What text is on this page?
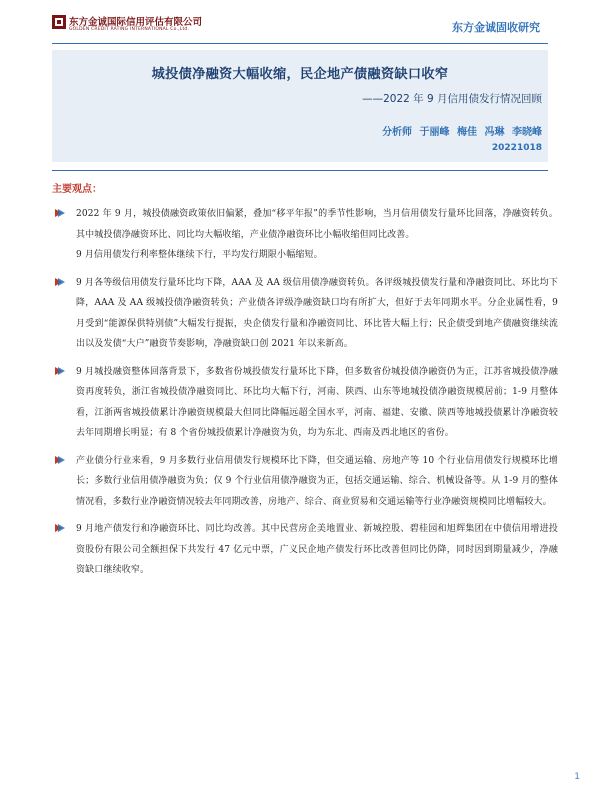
东方金诚国际信用评估有限公司
GOLDEN CREDIT RATING INTERNATIONAL Co.,Ltd.	东方金诚固收研究
城投债净融资大幅收缩，民企地产债融资缺口收窄
——2022 年 9 月信用债发行情况回顾
分析师 于丽峰 梅佳 冯琳 李晓峰
20221018
主要观点：

2022 年 9 月，城投债融资政策依旧偏紧，叠加“移平年报”的季节性影响，当月信用债发行量环比回落，净融资转负。其中城投债净融资环比、同比均大幅收缩，产业债净融资环比小幅收缩但同比改善。

9 月信用债发行利率整体继续下行，平均发行期限小幅缩短。

9 月各等级信用债发行量环比均下降，AAA 及 AA 级信用债净融资转负。各评级城投债发行量和净融资同比、环比均下降，AAA 及 AA 级城投债净融资转负；产业债各评级净融资缺口均有所扩大，但好于去年同期水平。分企业属性看，9 月受到“能源保供特别债”大幅发行提振，央企债发行量和净融资同比、环比皆大幅上行；民企债受到地产债融资继续流出以及发债“大户”融资节奏影响，净融资缺口创 2021 年以来新高。

9 月城投融资整体回落背景下，多数省份城投债发行量环比下降，但多数省份城投债净融资仍为正，江苏省城投债净融资再度转负，浙江省城投债净融资同比、环比均大幅下行，河南、陕西、山东等地城投债净融资规模居前；1-9 月整体看，江浙两省城投债累计净融资规模最大但同比降幅远超全国水平，河南、福建、安徽、陕西等地城投债累计净融资较去年同期增长明显；有 8 个省份城投债累计净融资为负，均为东北、西南及西北地区的省份。

产业债分行业来看，9 月多数行业信用债发行规模环比下降，但交通运输、房地产等 10 个行业信用债发行规模环比增长；多数行业信用债净融资为负；仅 9 个行业信用债净融资为正，包括交通运输、综合、机械设备等。从 1-9 月的整体情况看，多数行业净融资情况较去年同期改善，房地产、综合、商业贸易和交通运输等行业净融资规模同比增幅较大。

9 月地产债发行和净融资环比、同比均改善。其中民营房企美地置业、新城控股、碧桂园和旭辉集团在中债信用增进投资股份有限公司全额担保下共发行 47 亿元中票，广义民企地产债发行环比改善但同比仍降，同时因到期量减少，净融资缺口继续收窄。

1
